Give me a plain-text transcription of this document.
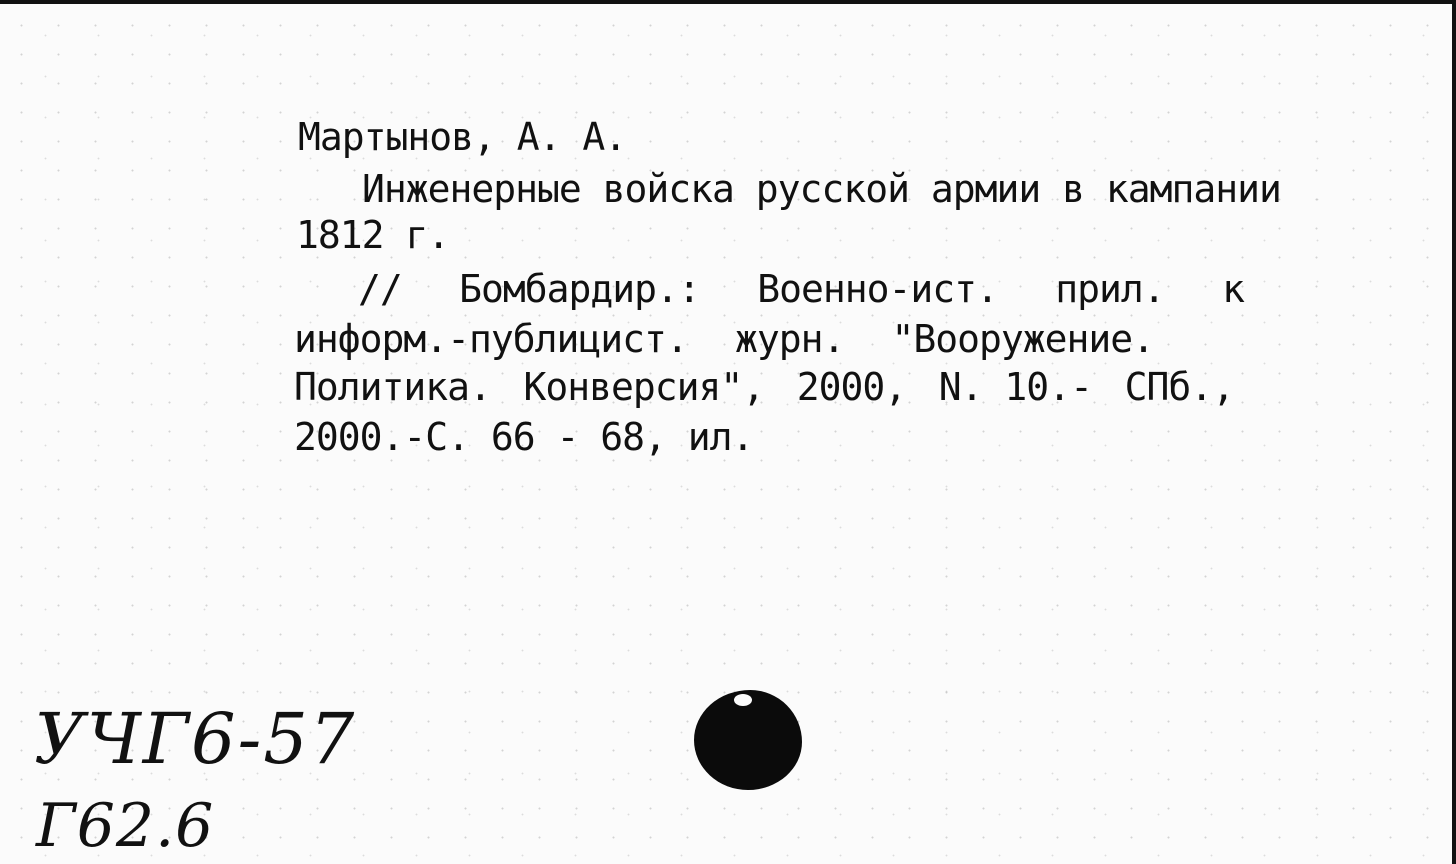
Мартынов, А. А.
Инженерные войска русской армии в кампании
1812 г.
// Бомбардир.: Военно-ист. прил. к
информ.-публицист. журн. "Вооружение.
Политика. Конверсия", 2000, N. 10.- СПб.,
2000.-С. 66 - 68, ил.
УЧГ6-57
Г62.6
